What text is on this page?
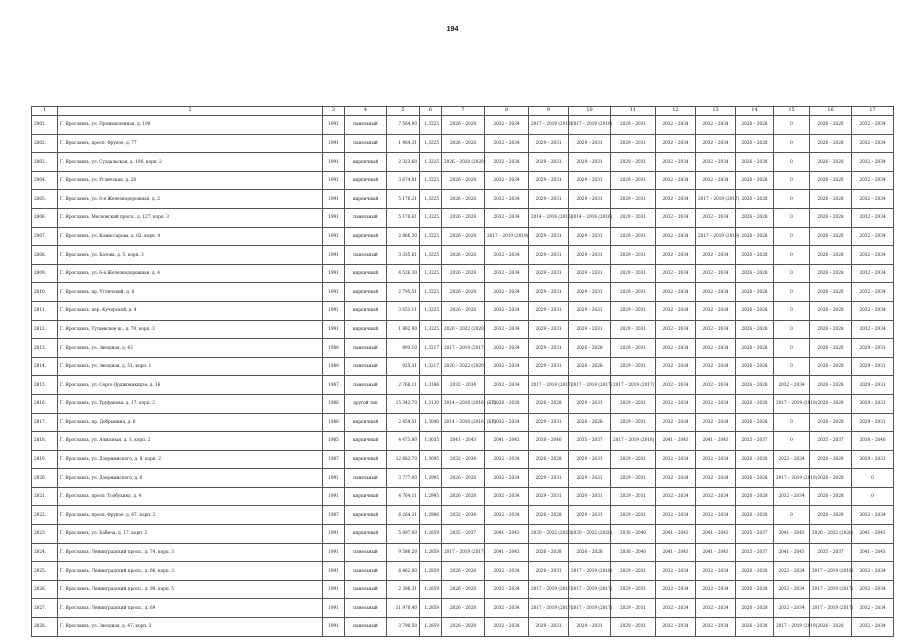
194
1	2	3	4	5	6	7	8	9	10	11	12	13	14	15	16	17
2801.	Г. Ярославль, ул. Промышленная, д. 108	1991	панельный	7 564,00	1,3225	2026 – 2028	2032 – 2034	2017 – 2019 (2019)	2017 – 2019 (2019)	2029 – 2031	2032 – 2034	2032 – 2034	2026 – 2028	0	2026 – 2028	2032 – 2034
2802.	Г. Ярославль, просп. Фрунзе, д. 77	1991	панельный	1 464,31	1,3225	2026 – 2028	2032 – 2034	2029 – 2031	2029 – 2031	2029 – 2031	2032 – 2034	2032 – 2034	2026 – 2028	0	2026 – 2028	2032 – 2034
2803.	Г. Ярославль, ул. Суздальская, д. 190, корп. 2	1991	кирпичный	2 323,60	1,3225	2026 – 2028 (2020)	2032 – 2034	2029 – 2031	2029 – 2031	2029 – 2031	2032 – 2034	2032 – 2034	2026 – 2028	0	2026 – 2028	2032 – 2034
2804.	Г. Ярославль, ул. Угличская, д. 28	1991	кирпичный	3 674,01	1,3225	2026 – 2028	2032 – 2034	2029 – 2031	2029 – 2031	2029 – 2031	2032 – 2034	2032 – 2034	2026 – 2028	0	2026 – 2028	2032 – 2034
2805.	Г. Ярославль, ул. 6-я Железнодорожная, д. 2	1991	кирпичный	5 176,21	1,3225	2026 – 2028	2032 – 2034	2029 – 2031	2029 – 2031	2029 – 2031	2032 – 2034	2017 – 2019 (2017)	2026 – 2028	0	2026 – 2028	2032 – 2034
2806.	Г. Ярославль, Московский просп., д. 127, корп. 3	1991	панельный	5 170,61	1,3225	2026 – 2028	2032 – 2034	2014 – 2016 (2016)	2014 – 2016 (2016)	2029 – 2031	2032 – 2034	2032 – 2034	2026 – 2028	0	2026 – 2028	2032 – 2034
2807.	Г. Ярославль, ул. Комиссарова, д. 62, корп. 4	1991	кирпичный	2 866,30	1,3225	2026 – 2028	2017 – 2019 (2019)	2029 – 2031	2029 – 2031	2029 – 2031	2032 – 2034	2017 – 2019 (2019)	2026 – 2028	0	2026 – 2028	2032 – 2034
2808.	Г. Ярославль, ул. Батова, д. 5, корп. 3	1991	панельный	3 335,61	1,3225	2026 – 2028	2032 – 2034	2029 – 2031	2029 – 2031	2029 – 2031	2032 – 2034	2032 – 2034	2026 – 2028	0	2026 – 2028	2032 – 2034
2809.	Г. Ярославль, ул. 6-я Железнодорожная, д. 4	1991	кирпичный	4 526,30	1,3225	2026 – 2028	2032 – 2034	2029 – 2031	2029 – 2031	2029 – 2031	2032 – 2034	2032 – 2034	2026 – 2028	0	2026 – 2028	2032 – 2034
2810.	Г. Ярославль, пр. Угличский, д. 8	1991	кирпичный	2 795,51	1,3225	2026 – 2028	2032 – 2034	2029 – 2031	2029 – 2031	2029 – 2031	2032 – 2034	2032 – 2034	2026 – 2028	0	2026 – 2028	2032 – 2034
2811.	Г. Ярославль, пер. Кучерской, д. 4	1991	кирпичный	3 653,11	1,3225	2026 – 2028	2032 – 2034	2029 – 2031	2029 – 2031	2029 – 2031	2032 – 2034	2032 – 2034	2026 – 2028	0	2026 – 2028	2032 – 2034
2812.	Г. Ярославль, Тутаевское ш., д. 70, корп. 3	1991	кирпичный	1 862,90	1,3225	2020 – 2022 (2020)	2032 – 2034	2029 – 2031	2029 – 2031	2029 – 2031	2032 – 2034	2032 – 2034	2026 – 2028	0	2026 – 2028	2032 – 2034
2813.	Г. Ярославль, ул. Звездная, д. 43	1988	панельный	893,10	1,3217	2017 – 2019 (2017)	2032 – 2034	2029 – 2031	2026 – 2028	2029 – 2031	2032 – 2034	2032 – 2034	2026 – 2028	0	2026 – 2028	2029 – 2031
2814.	Г. Ярославль, ул. Звездная, д. 51, корп. 1	1988	панельный	925,31	1,3217	2020 – 2022 (2020)	2032 – 2034	2029 – 2031	2026 – 2028	2029 – 2031	2032 – 2034	2032 – 2034	2026 – 2028	0	2026 – 2028	2029 – 2031
2815.	Г. Ярославль, ул. Серго Орджоникидзе, д. 16	1987	панельный	2 768,11	1,3186	2032 – 2034	2032 – 2034	2017 – 2019 (2017)	2017 – 2019 (2017)	2017 – 2019 (2017)	2032 – 2034	2032 – 2034	2026 – 2028	2032 – 2034	2026 – 2028	2029 – 2031
2816.	Г. Ярославль, ул. Труфанова, д. 17, корп. 2	1986	другой тип	15 342,70	1,3130	2014 – 2016 (2016) (БР)	2026 – 2028	2026 – 2028	2029 – 2031	2029 – 2031	2032 – 2034	2032 – 2034	2026 – 2028	2017 – 2019 (2019)	2026 – 2028	2029 – 2031
2817.	Г. Ярославль, пр. Добрынина, д. 6	1986	кирпичный	2 859,51	1,3040	2014 – 2016 (2016) (БР)	2032 – 2034	2029 – 2031	2026 – 2028	2029 – 2031	2032 – 2034	2032 – 2034	2026 – 2028	0	2026 – 2028	2029 – 2031
2818.	Г. Ярославль, ул. Алмазная, д. 3, корп. 2	1985	кирпичный	4 473,80	1,3035	2041 – 2043	2041 – 2043	2038 – 2040	2035 – 2037	2017 – 2019 (2018)	2041 – 2043	2041 – 2043	2035 – 2037	0	2035 – 2037	2038 – 2040
2819.	Г. Ярославль, ул. Дзержинского, д. 8, корп. 2	1987	кирпичный	12 682,70	1,3095	2032 – 2034	2032 – 2034	2026 – 2028	2029 – 2031	2029 – 2031	2032 – 2034	2032 – 2034	2026 – 2028	2032 – 2034	2026 – 2028	2029 – 2031
2820.	Г. Ярославль, ул. Дзержинского, д. 6	1991	панельный	3 777,00	1,2995	2026 – 2028	2032 – 2034	2029 – 2031	2029 – 2031	2029 – 2031	2032 – 2034	2032 – 2034	2026 – 2028	2017 – 2019 (2019)	2026 – 2028	0
2821.	Г. Ярославль, просп. Толбухина, д. 4	1991	кирпичный	4 764,11	1,2995	2026 – 2028	2032 – 2034	2029 – 2031	2029 – 2031	2029 – 2031	2032 – 2034	2032 – 2034	2026 – 2028	2032 – 2034	2026 – 2028	0
2822.	Г. Ярославль, просп. Фрунзе, д. 67, корп. 2	1987	кирпичный	6 264,21	1,2986	2032 – 2034	2032 – 2034	2026 – 2028	2029 – 2031	2029 – 2031	2032 – 2034	2032 – 2034	2026 – 2028	0	2026 – 2028	2032 – 2034
2823.	Г. Ярославль, ул. Бабича, д. 17, корп. 2	1991	кирпичный	5 097,60	1,2859	2035 – 2037	2041 – 2043	2020 – 2022 (2020)	2020 – 2022 (2020)	2038 – 2040	2041 – 2043	2041 – 2043	2035 – 2037	2041 – 2043	2020 – 2022 (2020)	2041 – 2043
2824.	Г. Ярославль, Ленинградский просп., д. 74, корп. 3	1991	панельный	9 586,20	1,2859	2017 – 2019 (2017)	2041 – 2043	2026 – 2028	2026 – 2028	2038 – 2040	2041 – 2043	2041 – 2043	2035 – 2037	2041 – 2043	2035 – 2037	2041 – 2043
2825.	Г. Ярославль, Ленинградский просп., д. 66, корп. 3	1991	панельный	6 462,80	1,2859	2026 – 2028	2032 – 2034	2029 – 2031	2017 – 2019 (2018)	2029 – 2031	2032 – 2034	2032 – 2034	2026 – 2028	2032 – 2034	2017 – 2019 (2018)	2032 – 2034
2826.	Г. Ярославль, Ленинградский просп., д. 90, корп. 5	1991	панельный	2 396,31	1,2859	2026 – 2028	2032 – 2034	2017 – 2019 (2017)	2017 – 2019 (2017)	2029 – 2031	2032 – 2034	2032 – 2034	2026 – 2028	2032 – 2034	2017 – 2019 (2017)	2032 – 2034
2827.	Г. Ярославль, Ленинградский просп., д. 69	1991	панельный	11 970,40	1,2859	2026 – 2028	2032 – 2034	2017 – 2019 (2017)	2017 – 2019 (2017)	2029 – 2031	2032 – 2034	2032 – 2034	2026 – 2028	2032 – 2034	2017 – 2019 (2017)	2032 – 2034
2828.	Г. Ярославль, ул. Звездная, д. 47, корп. 3	1991	панельный	3 790,50	1,2859	2026 – 2028	2032 – 2034	2029 – 2031	2029 – 2031	2029 – 2031	2032 – 2034	2032 – 2034	2026 – 2028	2017 – 2019 (2019)	2026 – 2028	2032 – 2034
